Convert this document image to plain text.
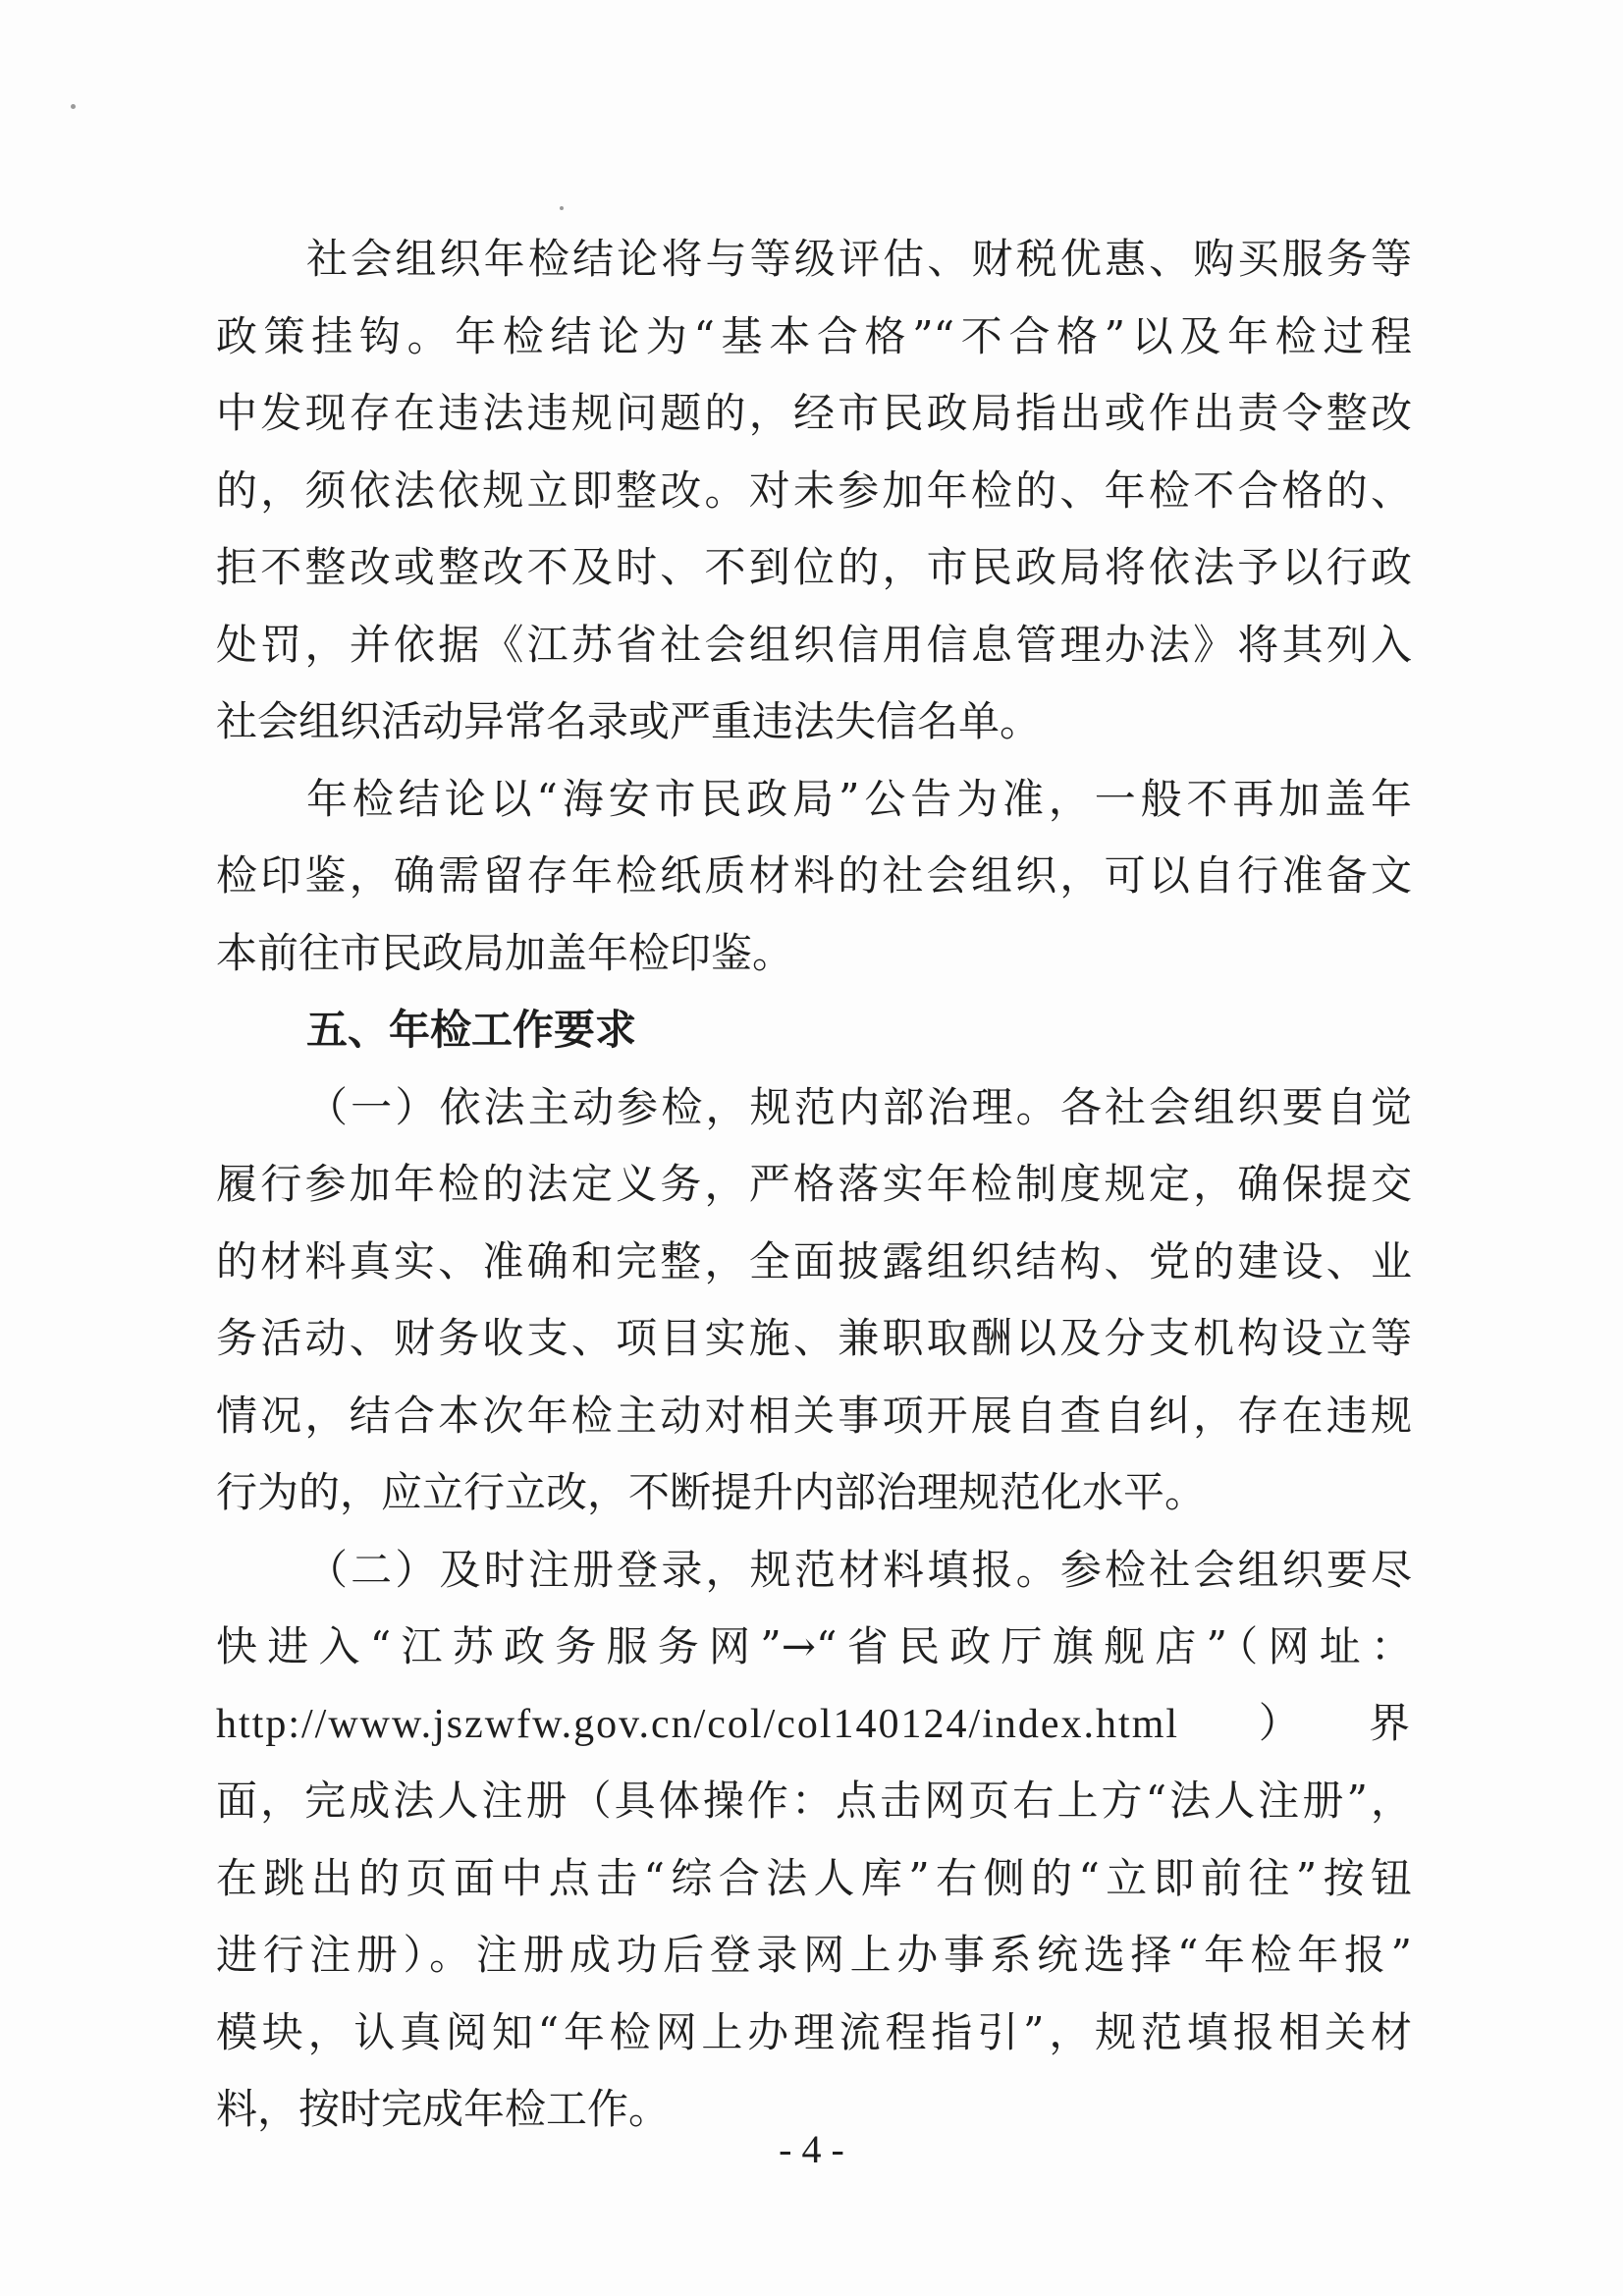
社会组织年检结论将与等级评估、财税优惠、购买服务等
政策挂钩。年检结论为“基本合格”“不合格”以及年检过程
中发现存在违法违规问题的，经市民政局指出或作出责令整改
的，须依法依规立即整改。对未参加年检的、年检不合格的、
拒不整改或整改不及时、不到位的，市民政局将依法予以行政
处罚，并依据《江苏省社会组织信用信息管理办法》将其列入
社会组织活动异常名录或严重违法失信名单。
年检结论以“海安市民政局”公告为准，一般不再加盖年
检印鉴，确需留存年检纸质材料的社会组织，可以自行准备文
本前往市民政局加盖年检印鉴。
五、年检工作要求
（一）依法主动参检，规范内部治理。各社会组织要自觉
履行参加年检的法定义务，严格落实年检制度规定，确保提交
的材料真实、准确和完整，全面披露组织结构、党的建设、业
务活动、财务收支、项目实施、兼职取酬以及分支机构设立等
情况，结合本次年检主动对相关事项开展自查自纠，存在违规
行为的，应立行立改，不断提升内部治理规范化水平。
（二）及时注册登录，规范材料填报。参检社会组织要尽
快进入“江苏政务服务网”→“省民政厅旗舰店”（网址：
http://www.jszwfw.gov.cn/col/col140124/index.html ）界
面，完成法人注册（具体操作：点击网页右上方“法人注册”，
在跳出的页面中点击“综合法人库”右侧的“立即前往”按钮
进行注册）。注册成功后登录网上办事系统选择“年检年报”
模块，认真阅知“年检网上办理流程指引”，规范填报相关材
料，按时完成年检工作。
- 4 -
